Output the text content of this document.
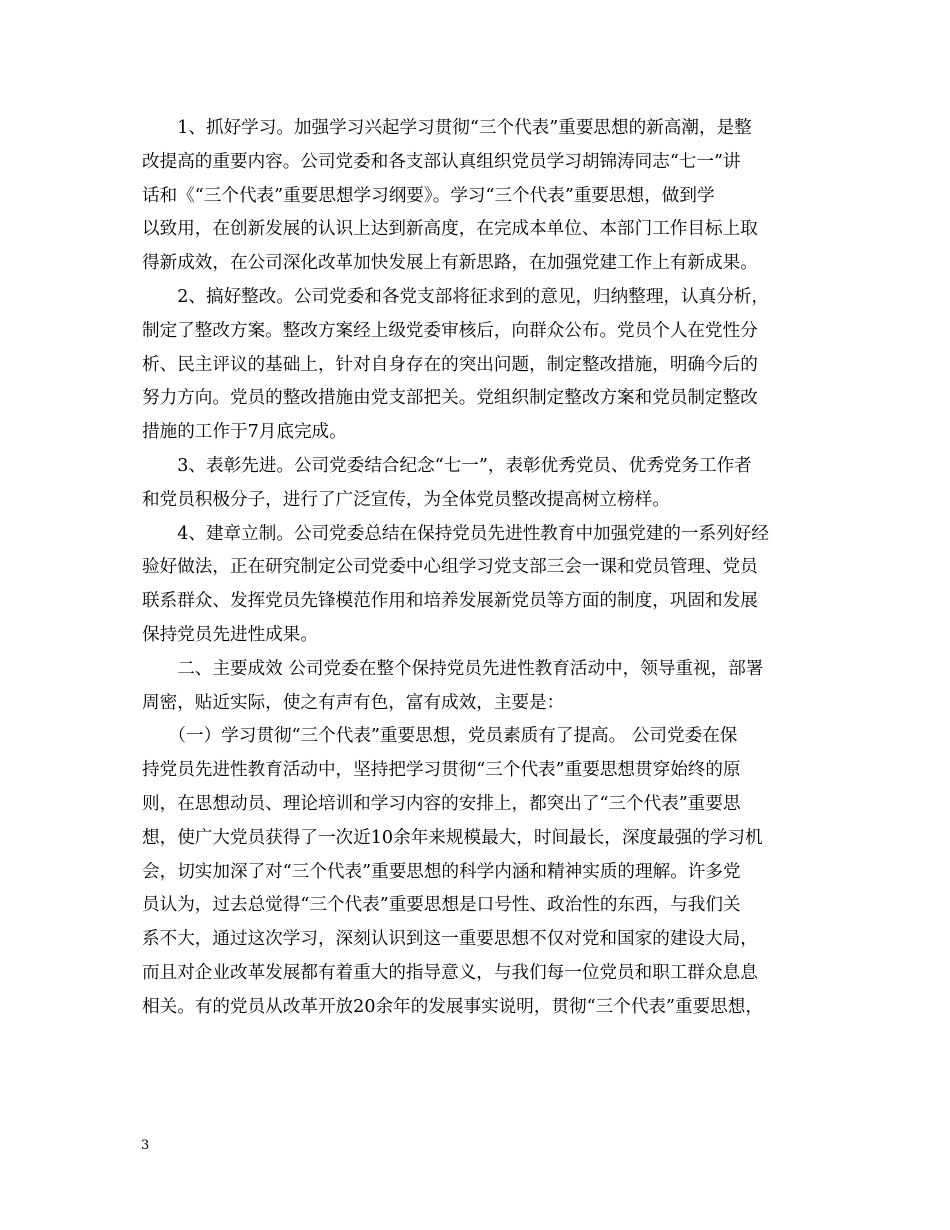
　　1、抓好学习。加强学习兴起学习贯彻“三个代表”重要思想的新高潮，是整
改提高的重要内容。公司党委和各支部认真组织党员学习胡锦涛同志“七一”讲
话和《“三个代表”重要思想学习纲要》。学习“三个代表”重要思想，做到学
以致用，在创新发展的认识上达到新高度，在完成本单位、本部门工作目标上取
得新成效，在公司深化改革加快发展上有新思路，在加强党建工作上有新成果。
　　2、搞好整改。公司党委和各党支部将征求到的意见，归纳整理，认真分析，
制定了整改方案。整改方案经上级党委审核后，向群众公布。党员个人在党性分
析、民主评议的基础上，针对自身存在的突出问题，制定整改措施，明确今后的
努力方向。党员的整改措施由党支部把关。党组织制定整改方案和党员制定整改
措施的工作于7月底完成。
　　3、表彰先进。公司党委结合纪念“七一”，表彰优秀党员、优秀党务工作者
和党员积极分子，进行了广泛宣传，为全体党员整改提高树立榜样。
　　4、建章立制。公司党委总结在保持党员先进性教育中加强党建的一系列好经
验好做法，正在研究制定公司党委中心组学习党支部三会一课和党员管理、党员
联系群众、发挥党员先锋模范作用和培养发展新党员等方面的制度，巩固和发展
保持党员先进性成果。
　　二、主要成效 公司党委在整个保持党员先进性教育活动中，领导重视，部署
周密，贴近实际，使之有声有色，富有成效，主要是：
　　（一）学习贯彻“三个代表”重要思想，党员素质有了提高。 公司党委在保
持党员先进性教育活动中，坚持把学习贯彻“三个代表”重要思想贯穿始终的原
则，在思想动员、理论培训和学习内容的安排上，都突出了“三个代表”重要思
想，使广大党员获得了一次近10余年来规模最大，时间最长，深度最强的学习机
会，切实加深了对“三个代表”重要思想的科学内涵和精神实质的理解。许多党
员认为，过去总觉得“三个代表”重要思想是口号性、政治性的东西，与我们关
系不大，通过这次学习，深刻认识到这一重要思想不仅对党和国家的建设大局，
而且对企业改革发展都有着重大的指导意义，与我们每一位党员和职工群众息息
相关。有的党员从改革开放20余年的发展事实说明，贯彻“三个代表”重要思想，
3
